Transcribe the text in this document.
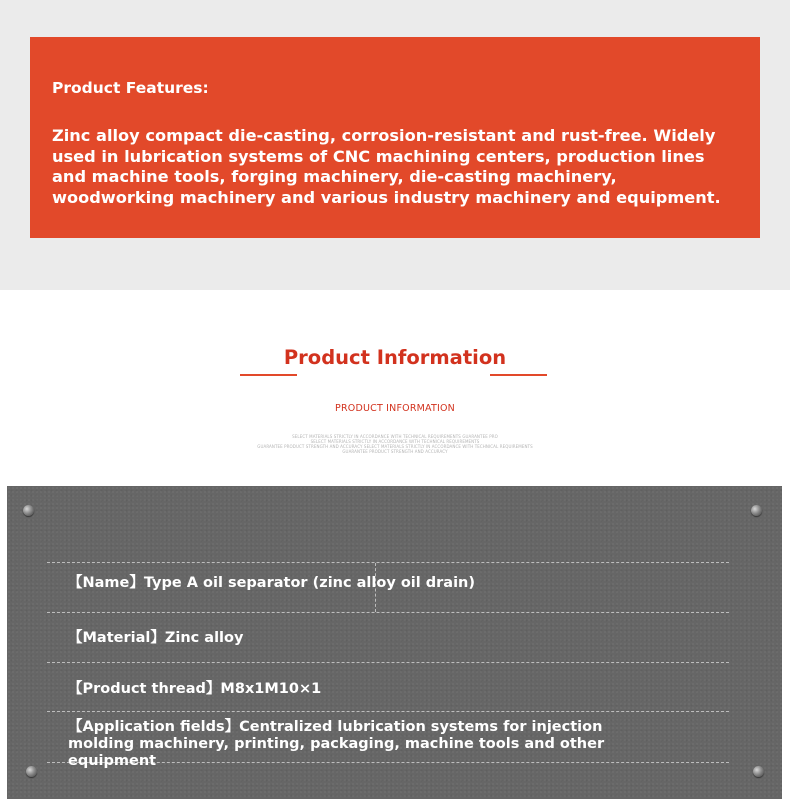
Product Features:
Zinc alloy compact die-casting, corrosion-resistant and rust-free. Widely used in lubrication systems of CNC machining centers, production lines and machine tools, forging machinery, die-casting machinery, woodworking machinery and various industry machinery and equipment.
Product Information
PRODUCT INFORMATION
SELECT MATERIALS STRICTLY IN ACCORDANCE WITH TECHNICAL REQUIREMENTS GUARANTEE PRO
SELECT MATERIALS STRICTLY IN ACCORDANCE WITH TECHNICAL REQUIREMENTS
GUARANTEE PRODUCT STRENGTH AND ACCURACY SELECT MATERIALS STRICTLY IN ACCORDANCE WITH TECHNICAL REQUIREMENTS
GUARANTEE PRODUCT STRENGTH AND ACCURACY
【Name】Type A oil separator (zinc alloy oil drain)
【Material】Zinc alloy
【Product thread】M8x1M10×1
【Application fields】Centralized lubrication systems for injection molding machinery, printing, packaging, machine tools and other equipment
